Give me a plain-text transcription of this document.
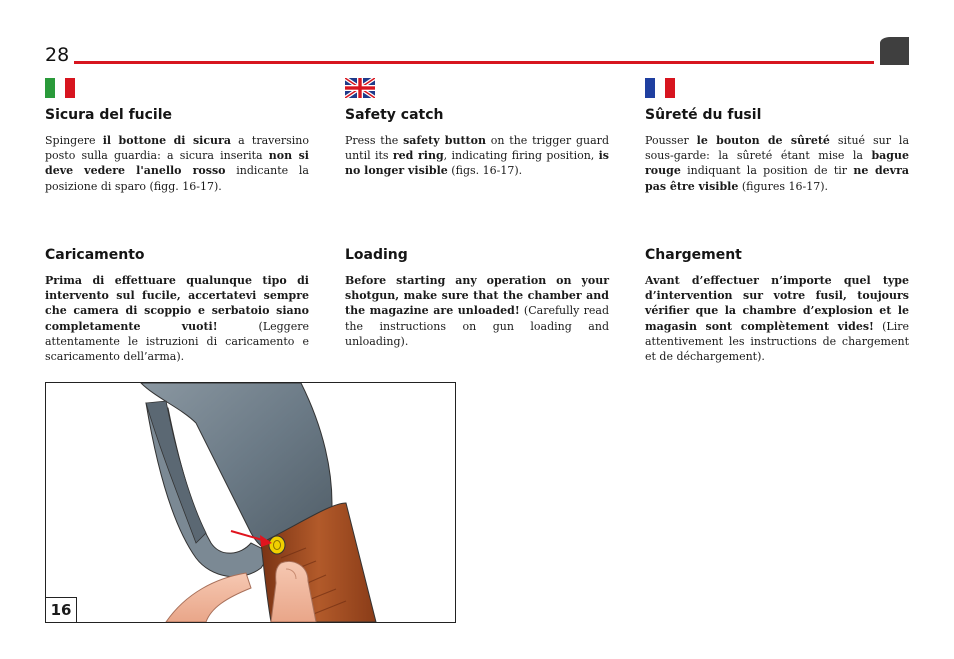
28
Sicura del fucile

Spingere il bottone di sicura a traversino posto sulla guardia: a sicura inserita non si deve vedere l'anello rosso indicante la posizione di sparo (figg. 16-17).

Caricamento

Prima di effettuare qualunque tipo di intervento sul fucile, accertatevi sempre che camera di scoppio e serbatoio siano completamente vuoti! (Leggere attentamente le istruzioni di caricamento e scaricamento dell’arma).

Safety catch

Press the safety button on the trigger guard until its red ring, indicating firing position, is no longer visible (figs. 16-17).

Loading

Before starting any operation on your shotgun, make sure that the chamber and the magazine are unloaded! (Carefully read the instructions on gun loading and unloading).

Sûreté du fusil

Pousser le bouton de sûreté situé sur la sous-garde: la sûreté étant mise la bague rouge indiquant la position de tir ne devra pas être visible (figures 16-17).

Chargement

Avant d’effectuer n’importe quel type d’intervention sur votre fusil, toujours vérifier que la chambre d’explosion et le magasin sont complètement vides! (Lire attentivement les instructions de chargement et de déchargement).

16
